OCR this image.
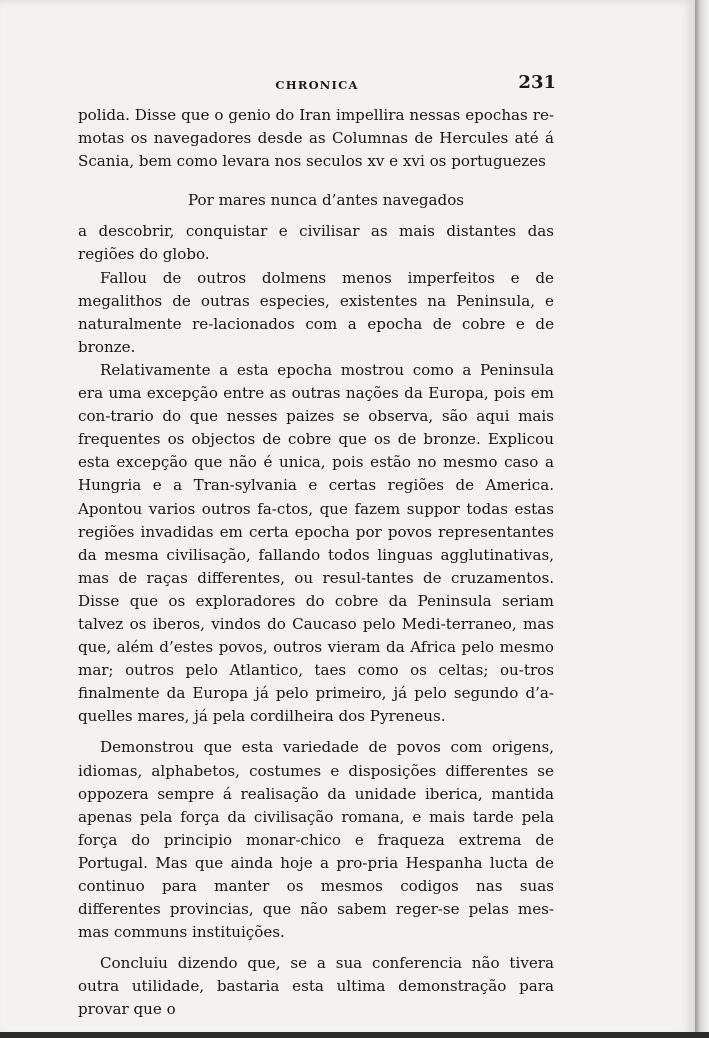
CHRONICA	231

polida. Disse que o genio do Iran impellira nessas epochas re-motas os navegadores desde as Columnas de Hercules até á Scania, bem como levara nos seculos xv e xvi os portuguezes

Por mares nunca d’antes navegados

a descobrir, conquistar e civilisar as mais distantes das regiões do globo.

Fallou de outros dolmens menos imperfeitos e de megalithos de outras especies, existentes na Peninsula, e naturalmente re-lacionados com a epocha de cobre e de bronze.

Relativamente a esta epocha mostrou como a Peninsula era uma excepção entre as outras nações da Europa, pois em con-trario do que nesses paizes se observa, são aqui mais frequentes os objectos de cobre que os de bronze. Explicou esta excepção que não é unica, pois estão no mesmo caso a Hungria e a Tran-sylvania e certas regiões de America. Apontou varios outros fa-ctos, que fazem suppor todas estas regiões invadidas em certa epocha por povos representantes da mesma civilisação, fallando todos linguas agglutinativas, mas de raças differentes, ou resul-tantes de cruzamentos. Disse que os exploradores do cobre da Peninsula seriam talvez os iberos, vindos do Caucaso pelo Medi-terraneo, mas que, além d’estes povos, outros vieram da Africa pelo mesmo mar; outros pelo Atlantico, taes como os celtas; ou-tros finalmente da Europa já pelo primeiro, já pelo segundo d’a-quelles mares, já pela cordilheira dos Pyreneus.

Demonstrou que esta variedade de povos com origens, idiomas, alphabetos, costumes e disposições differentes se oppozera sempre á realisação da unidade iberica, mantida apenas pela força da civilisação romana, e mais tarde pela força do principio monar-chico e fraqueza extrema de Portugal. Mas que ainda hoje a pro-pria Hespanha lucta de continuo para manter os mesmos codigos nas suas differentes provincias, que não sabem reger-se pelas mes-mas communs instituições.

Concluiu dizendo que, se a sua conferencia não tivera outra utilidade, bastaria esta ultima demonstração para provar que o
